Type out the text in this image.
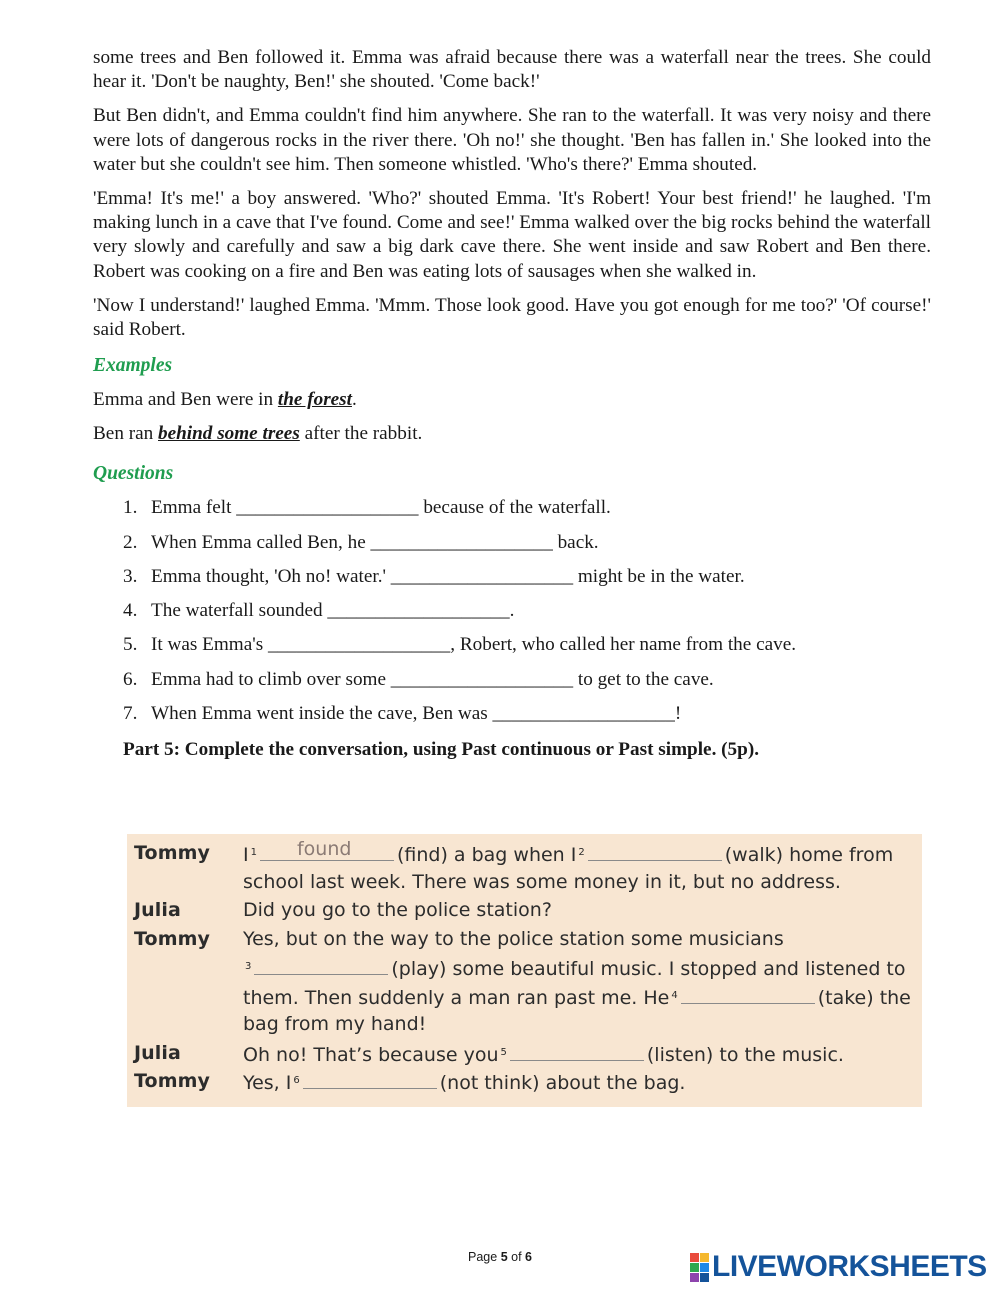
some trees and Ben followed it. Emma was afraid because there was a waterfall near the trees. She could hear it. 'Don't be naughty, Ben!' she shouted. 'Come back!'

But Ben didn't, and Emma couldn't find him anywhere. She ran to the waterfall. It was very noisy and there were lots of dangerous rocks in the river there. 'Oh no!' she thought. 'Ben has fallen in.' She looked into the water but she couldn't see him. Then someone whistled. 'Who's there?' Emma shouted.

'Emma! It's me!' a boy answered. 'Who?' shouted Emma. 'It's Robert! Your best friend!' he laughed. 'I'm making lunch in a cave that I've found. Come and see!' Emma walked over the big rocks behind the waterfall very slowly and carefully and saw a big dark cave there. She went inside and saw Robert and Ben there. Robert was cooking on a fire and Ben was eating lots of sausages when she walked in.

'Now I understand!' laughed Emma. 'Mmm. Those look good. Have you got enough for me too?' 'Of course!' said Robert.

Examples
Emma and Ben were in the forest.
Ben ran behind some trees after the rabbit.
Questions
1. Emma felt ___________________ because of the waterfall.
2. When Emma called Ben, he ___________________ back.
3. Emma thought, 'Oh no! water.' ___________________ might be in the water.
4. The waterfall sounded ___________________.
5. It was Emma's ___________________, Robert, who called her name from the cave.
6. Emma had to climb over some ___________________ to get to the cave.
7. When Emma went inside the cave, Ben was ___________________!
Part 5: Complete the conversation, using Past continuous or Past simple. (5p).
Tommy I $^1$ found (find) a bag when I $^2$	(walk) home from
school last week. There was some money in it, but no address.
Julia	Did you go to the police station?
Tommy Yes, but on the way to the police station some musicians
$^3$	(play) some beautiful music. I stopped and listened to
them. Then suddenly a man ran past me. He $^4$	(take) the
bag from my hand!
Julia	Oh no! That’s because you $^5$	(listen) to the music.
Tommy Yes, I $^6$	(not think) about the bag.
Page 5 of 6	LIVEWORKSHEETS
